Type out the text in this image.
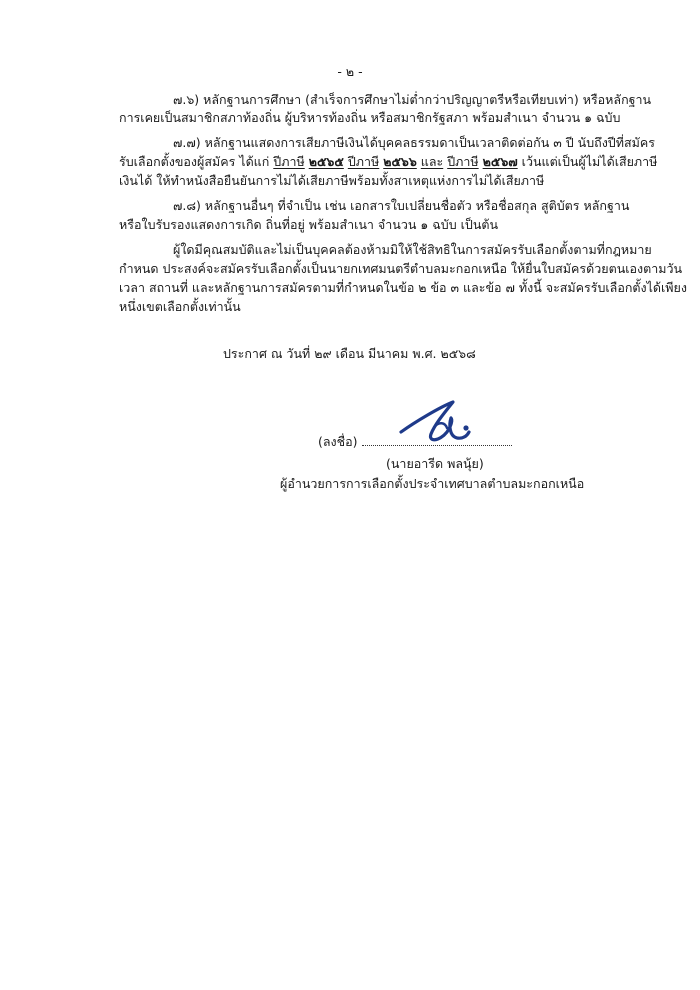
- ๒ -
๗.๖) หลักฐานการศึกษา (สำเร็จการศึกษาไม่ต่ำกว่าปริญญาตรีหรือเทียบเท่า) หรือหลักฐาน
การเคยเป็นสมาชิกสภาท้องถิ่น ผู้บริหารท้องถิ่น หรือสมาชิกรัฐสภา พร้อมสำเนา จำนวน ๑ ฉบับ
๗.๗) หลักฐานแสดงการเสียภาษีเงินได้บุคคลธรรมดาเป็นเวลาติดต่อกัน ๓ ปี นับถึงปีที่สมัคร
รับเลือกตั้งของผู้สมัคร ได้แก่ ปีภาษี ๒๕๖๕ ปีภาษี ๒๕๖๖ และ ปีภาษี ๒๕๖๗ เว้นแต่เป็นผู้ไม่ได้เสียภาษี
เงินได้ ให้ทำหนังสือยืนยันการไม่ได้เสียภาษีพร้อมทั้งสาเหตุแห่งการไม่ได้เสียภาษี
๗.๘) หลักฐานอื่นๆ ที่จำเป็น เช่น เอกสารใบเปลี่ยนชื่อตัว หรือชื่อสกุล สูติบัตร หลักฐาน
หรือใบรับรองแสดงการเกิด ถิ่นที่อยู่ พร้อมสำเนา จำนวน ๑ ฉบับ เป็นต้น
ผู้ใดมีคุณสมบัติและไม่เป็นบุคคลต้องห้ามมิให้ใช้สิทธิในการสมัครรับเลือกตั้งตามที่กฎหมาย
กำหนด ประสงค์จะสมัครรับเลือกตั้งเป็นนายกเทศมนตรีตำบลมะกอกเหนือ ให้ยื่นใบสมัครด้วยตนเองตามวัน
เวลา สถานที่ และหลักฐานการสมัครตามที่กำหนดในข้อ ๒ ข้อ ๓ และข้อ ๗ ทั้งนี้ จะสมัครรับเลือกตั้งได้เพียง
หนึ่งเขตเลือกตั้งเท่านั้น
ประกาศ ณ วันที่ ๒๙ เดือน มีนาคม พ.ศ. ๒๕๖๘
(ลงชื่อ)
(นายอารีด พลนุ้ย)
ผู้อำนวยการการเลือกตั้งประจำเทศบาลตำบลมะกอกเหนือ
